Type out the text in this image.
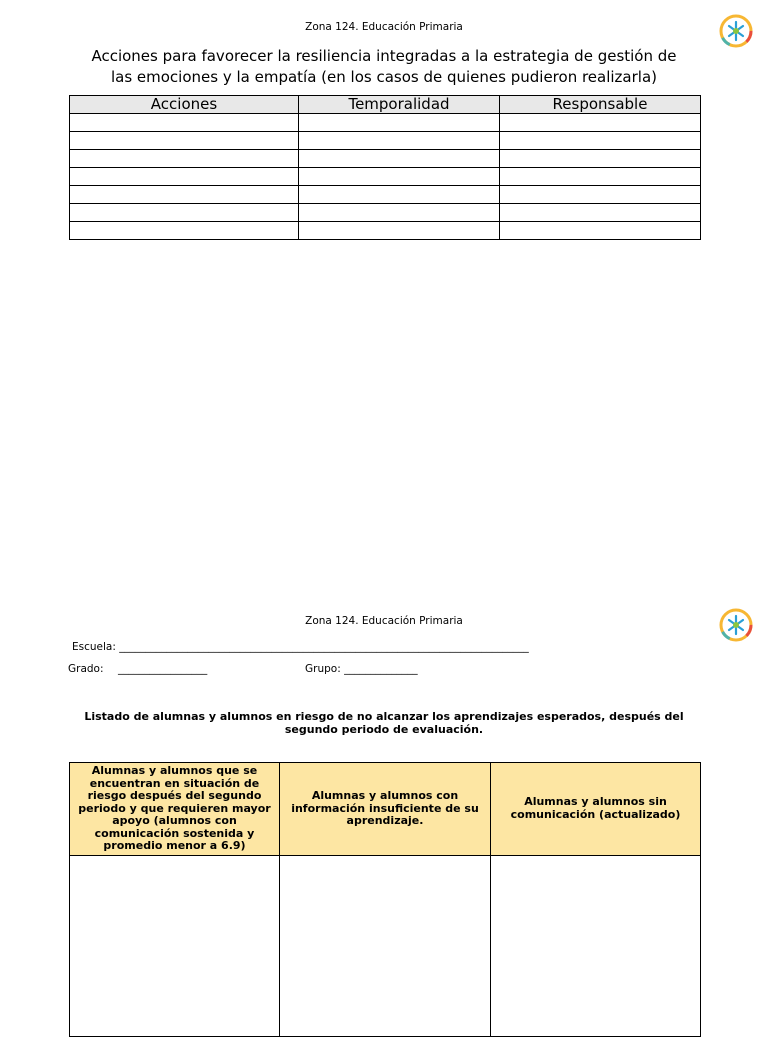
Zona 124. Educación Primaria
Acciones para favorecer la resiliencia integradas a la estrategia de gestión de
las emociones y la empatía (en los casos de quienes pudieron realizarla)
Acciones	Temporalidad	Responsable

Zona 124. Educación Primaria
Escuela: ______________________________________________________________________________
Grado: _________________	Grupo: ______________
Listado de alumnas y alumnos en riesgo de no alcanzar los aprendizajes esperados, después del segundo periodo de evaluación.
Alumnas y alumnos que se encuentran en situación de riesgo después del segundo periodo y que requieren mayor apoyo (alumnos con comunicación sostenida y promedio menor a 6.9)	Alumnas y alumnos con información insuficiente de su aprendizaje.	Alumnas y alumnos sin comunicación (actualizado)
